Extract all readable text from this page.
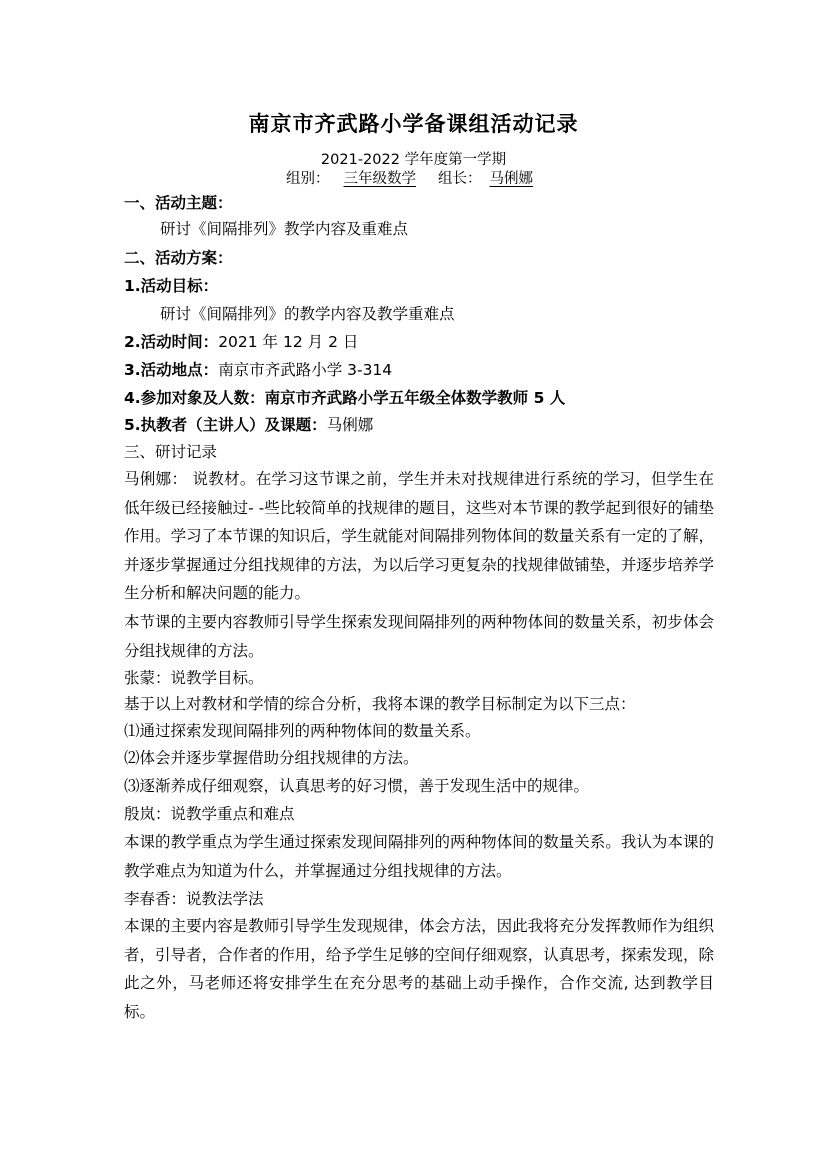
南京市齐武路小学备课组活动记录
2021-2022 学年度第一学期
组别： 三年级数学 组长： 马俐娜
一、活动主题：
研讨《间隔排列》教学内容及重难点
二、活动方案：
1.活动目标：
研讨《间隔排列》的教学内容及教学重难点
2.活动时间：2021 年 12 月 2 日
3.活动地点：南京市齐武路小学 3-314
4.参加对象及人数：南京市齐武路小学五年级全体数学教师 5 人
5.执教者（主讲人）及课题：马俐娜
三、研讨记录
马俐娜： 说教材。在学习这节课之前，学生并未对找规律进行系统的学习，但学生在低年级已经接触过- -些比较简单的找规律的题目，这些对本节课的教学起到很好的铺垫作用。学习了本节课的知识后，学生就能对间隔排列物体间的数量关系有一定的了解，并逐步掌握通过分组找规律的方法，为以后学习更复杂的找规律做铺垫，并逐步培养学生分析和解决问题的能力。
本节课的主要内容教师引导学生探索发现间隔排列的两种物体间的数量关系，初步体会分组找规律的方法。
张蒙：说教学目标。
基于以上对教材和学情的综合分析，我将本课的教学目标制定为以下三点：
⑴通过探索发现间隔排列的两种物体间的数量关系。
⑵体会并逐步掌握借助分组找规律的方法。
⑶逐渐养成仔细观察，认真思考的好习惯，善于发现生活中的规律。
殷岚：说教学重点和难点
本课的教学重点为学生通过探索发现间隔排列的两种物体间的数量关系。我认为本课的教学难点为知道为什么，并掌握通过分组找规律的方法。
李春香：说教法学法
本课的主要内容是教师引导学生发现规律，体会方法，因此我将充分发挥教师作为组织者，引导者，合作者的作用，给予学生足够的空间仔细观察，认真思考，探索发现，除此之外，马老师还将安排学生在充分思考的基础上动手操作，合作交流, 达到教学目标。
